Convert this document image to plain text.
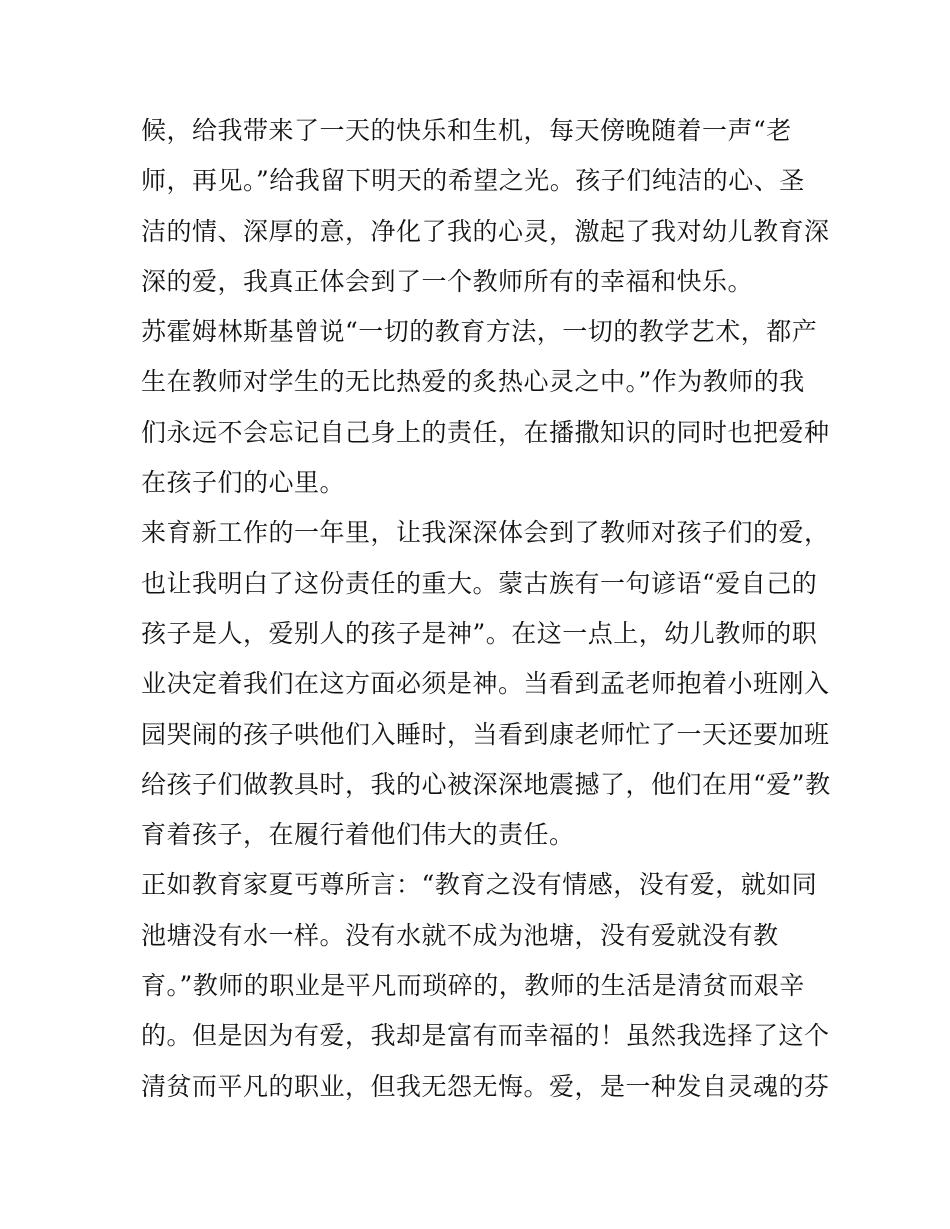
候，给我带来了一天的快乐和生机，每天傍晚随着一声“老
师，再见。”给我留下明天的希望之光。孩子们纯洁的心、圣
洁的情、深厚的意，净化了我的心灵，激起了我对幼儿教育深
深的爱，我真正体会到了一个教师所有的幸福和快乐。
苏霍姆林斯基曾说“一切的教育方法，一切的教学艺术，都产
生在教师对学生的无比热爱的炙热心灵之中。”作为教师的我
们永远不会忘记自己身上的责任，在播撒知识的同时也把爱种
在孩子们的心里。
来育新工作的一年里，让我深深体会到了教师对孩子们的爱，
也让我明白了这份责任的重大。蒙古族有一句谚语“爱自己的
孩子是人，爱别人的孩子是神”。在这一点上，幼儿教师的职
业决定着我们在这方面必须是神。当看到孟老师抱着小班刚入
园哭闹的孩子哄他们入睡时，当看到康老师忙了一天还要加班
给孩子们做教具时，我的心被深深地震撼了，他们在用“爱”教
育着孩子，在履行着他们伟大的责任。
正如教育家夏丐尊所言：“教育之没有情感，没有爱，就如同
池塘没有水一样。没有水就不成为池塘，没有爱就没有教
育。”教师的职业是平凡而琐碎的，教师的生活是清贫而艰辛
的。但是因为有爱，我却是富有而幸福的！虽然我选择了这个
清贫而平凡的职业，但我无怨无悔。爱，是一种发自灵魂的芬
